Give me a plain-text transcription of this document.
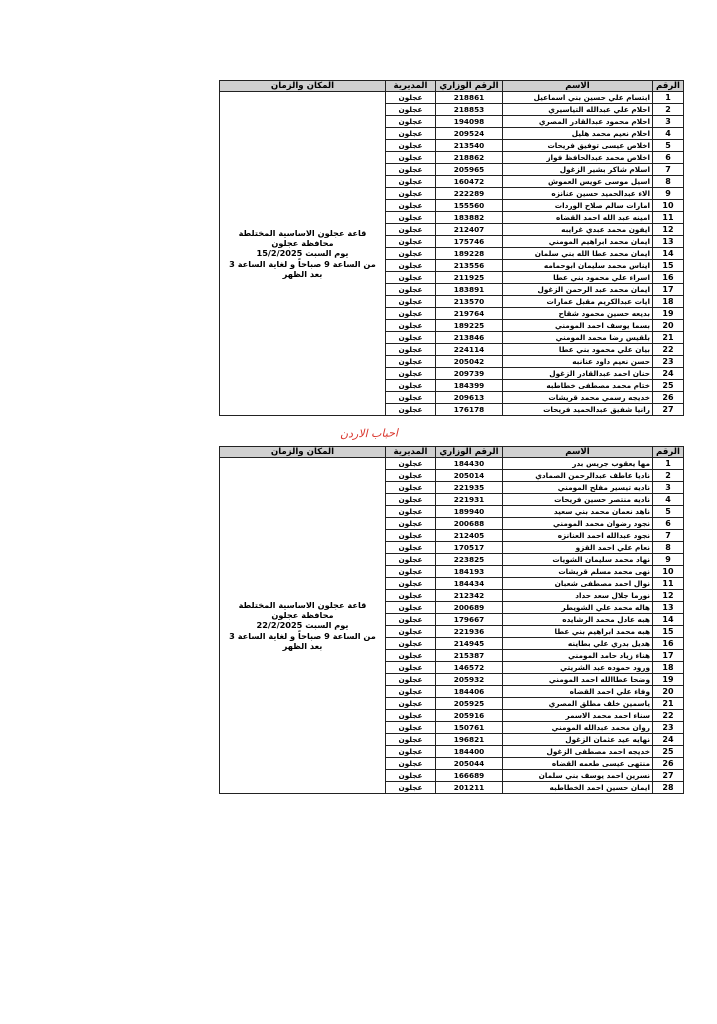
الرقم	الاسم	الرقم الوزاري	المديرية	المكان والزمان
1	ابتسام علي حسين بني اسماعيل	218861	عجلون	قاعة عجلون الاساسية المختلطة
محافظة عجلون
يوم السبت 15/2/2025
من الساعة 9 صباحاً و لغاية الساعة 3 بعد الظهر

2	احلام علي عبدالله التياسيري	218853	عجلون	
3	احلام محمود عبدالقادر المصري	194098	عجلون	
4	احلام نعيم محمد هليل	209524	عجلون	
5	اخلاص عيسى توفيق فريحات	213540	عجلون	
6	اخلاص محمد عبدالحافظ فواز	218862	عجلون	
7	اسلام شاكر بشير الزغول	205965	عجلون	
8	اسيل موسى عويس العموش	160472	عجلون	
9	الاء عبدالحميد حسين عنانزه	222289	عجلون	
10	امارات سالم صلاح الوردات	155560	عجلون	
11	امينه عبد الله احمد القضاه	183882	عجلون	
12	ايفون محمد عبدي غرايبه	212407	عجلون	
13	ايمان محمد ابراهيم المومني	175746	عجلون	
14	ايمان محمد عطا الله بني سلمان	189228	عجلون	
15	ايناس محمد سليمان ابوحمامه	213556	عجلون	
16	اسراء علي محمود بني عطا	211925	عجلون	
17	ايمان محمد عبد الرحمن الزغول	183891	عجلون	
18	ايات عبدالكريم مقبل عمارات	213570	عجلون	
19	بديعه حسين محمود شقاح	219764	عجلون	
20	بسما يوسف احمد المومني	189225	عجلون	
21	بلقيس رضا محمد المومني	213846	عجلون	
22	بيان علي محمود بني عطا	224114	عجلون	
23	حسن نعيم داود عنانبه	205042	عجلون	
24	حنان احمد عبدالقادر الزغول	209739	عجلون	
25	ختام محمد مصطفى خطاطبه	184399	عجلون	
26	خديجه رسمي محمد قريشات	209613	عجلون	
27	رانيا شفيق عبدالحميد فريحات	176178	عجلون	
احباب الاردن
الرقم	الاسم	الرقم الوزاري	المديرية	المكان والزمان
1	مها يعقوب جريس بدر	184430	عجلون	قاعة عجلون الاساسية المختلطة
محافظة عجلون
يوم السبت 22/2/2025
من الساعة 9 صباحاً و لغاية الساعة 3 بعد الظهر

2	ناديا عاطف عبدالرحمن الصمادي	205014	عجلون	
3	ناديه تيسير مفلح المومني	221935	عجلون	
4	ناديه منتصر حسين فريحات	221931	عجلون	
5	ناهد نعمان محمد بني سعيد	189940	عجلون	
6	نجود رضوان محمد المومني	200688	عجلون	
7	نجود عبدالله احمد العنانزه	212405	عجلون	
8	نعام علي احمد القزو	170517	عجلون	
9	نهاد محمد سليمان الشويات	223825	عجلون	
10	نهى محمد مسلم قريشات	184193	عجلون	
11	نوال احمد مصطفى شعبان	184434	عجلون	
12	نورما جلال سعد حداد	212342	عجلون	
13	هاله محمد علي الشويطر	200689	عجلون	
14	هبه عادل محمد الرشايده	179667	عجلون	
15	هبه محمد ابراهيم بني عطا	221936	عجلون	
16	هديل بدري علي بطاينه	214945	عجلون	
17	هناء زياد حامد المومني	215387	عجلون	
18	ورود حموده عبد الشريتي	146572	عجلون	
19	وضحا عطاالله احمد المومني	205932	عجلون	
20	وفاء علي احمد القضاه	184406	عجلون	
21	ياسمين خلف مطلق المصري	205925	عجلون	
22	سناء احمد محمد الاسمر	205916	عجلون	
23	روان محمد عبدالله المومني	150761	عجلون	
24	نهايه عيد عثمان الزغول	196821	عجلون	
25	خديجه احمد مصطفى الزغول	184400	عجلون	
26	منتهى عيسى طعمه القضاه	205044	عجلون	
27	نسرين احمد يوسف بني سلمان	166689	عجلون	
28	ايمان حسين احمد الخطاطبه	201211	عجلون	
